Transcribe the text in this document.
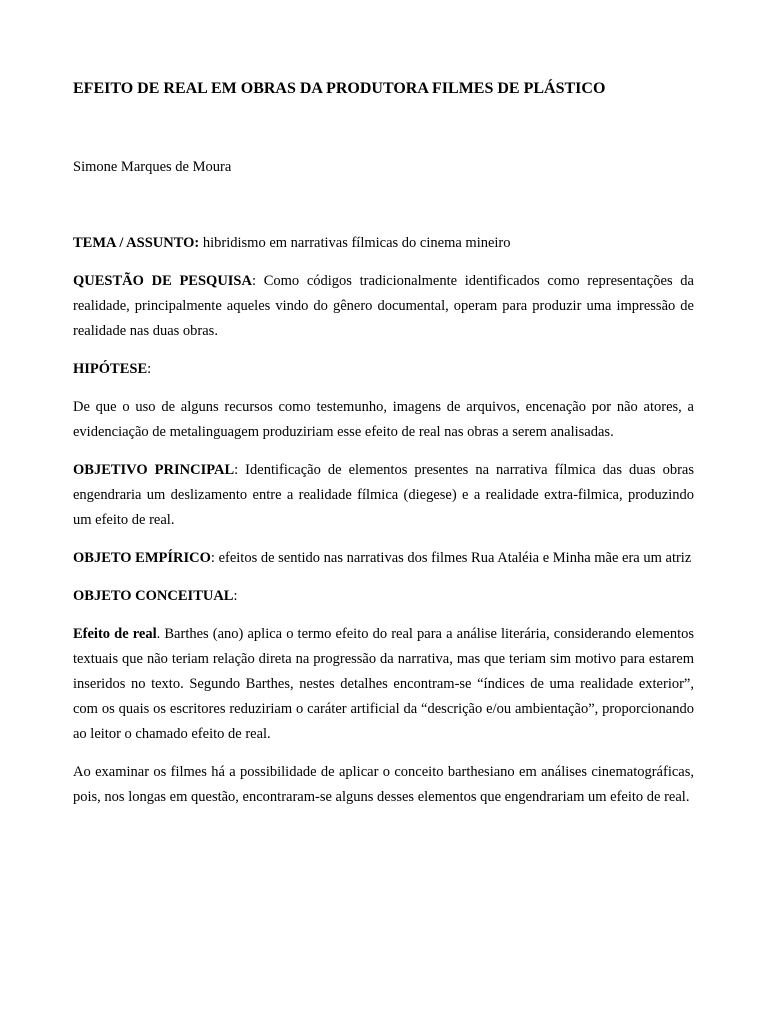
EFEITO DE REAL EM OBRAS DA PRODUTORA FILMES DE PLÁSTICO

Simone Marques de Moura

TEMA / ASSUNTO: hibridismo em narrativas fílmicas do cinema mineiro

QUESTÃO DE PESQUISA: Como códigos tradicionalmente identificados como representações da realidade, principalmente aqueles vindo do gênero documental, operam para produzir uma impressão de realidade nas duas obras.

HIPÓTESE:

De que o uso de alguns recursos como testemunho, imagens de arquivos, encenação por não atores, a evidenciação de metalinguagem produziriam esse efeito de real nas obras a serem analisadas.

OBJETIVO PRINCIPAL: Identificação de elementos presentes na narrativa fílmica das duas obras engendraria um deslizamento entre a realidade fílmica (diegese) e a realidade extra-filmica, produzindo um efeito de real.

OBJETO EMPÍRICO: efeitos de sentido nas narrativas dos filmes Rua Ataléia e Minha mãe era um atriz

OBJETO CONCEITUAL:

Efeito de real. Barthes (ano) aplica o termo efeito do real para a análise literária, considerando elementos textuais que não teriam relação direta na progressão da narrativa, mas que teriam sim motivo para estarem inseridos no texto. Segundo Barthes, nestes detalhes encontram-se “índices de uma realidade exterior”, com os quais os escritores reduziriam o caráter artificial da “descrição e/ou ambientação”, proporcionando ao leitor o chamado efeito de real.

Ao examinar os filmes há a possibilidade de aplicar o conceito barthesiano em análises cinematográficas, pois, nos longas em questão, encontraram-se alguns desses elementos que engendrariam um efeito de real.
